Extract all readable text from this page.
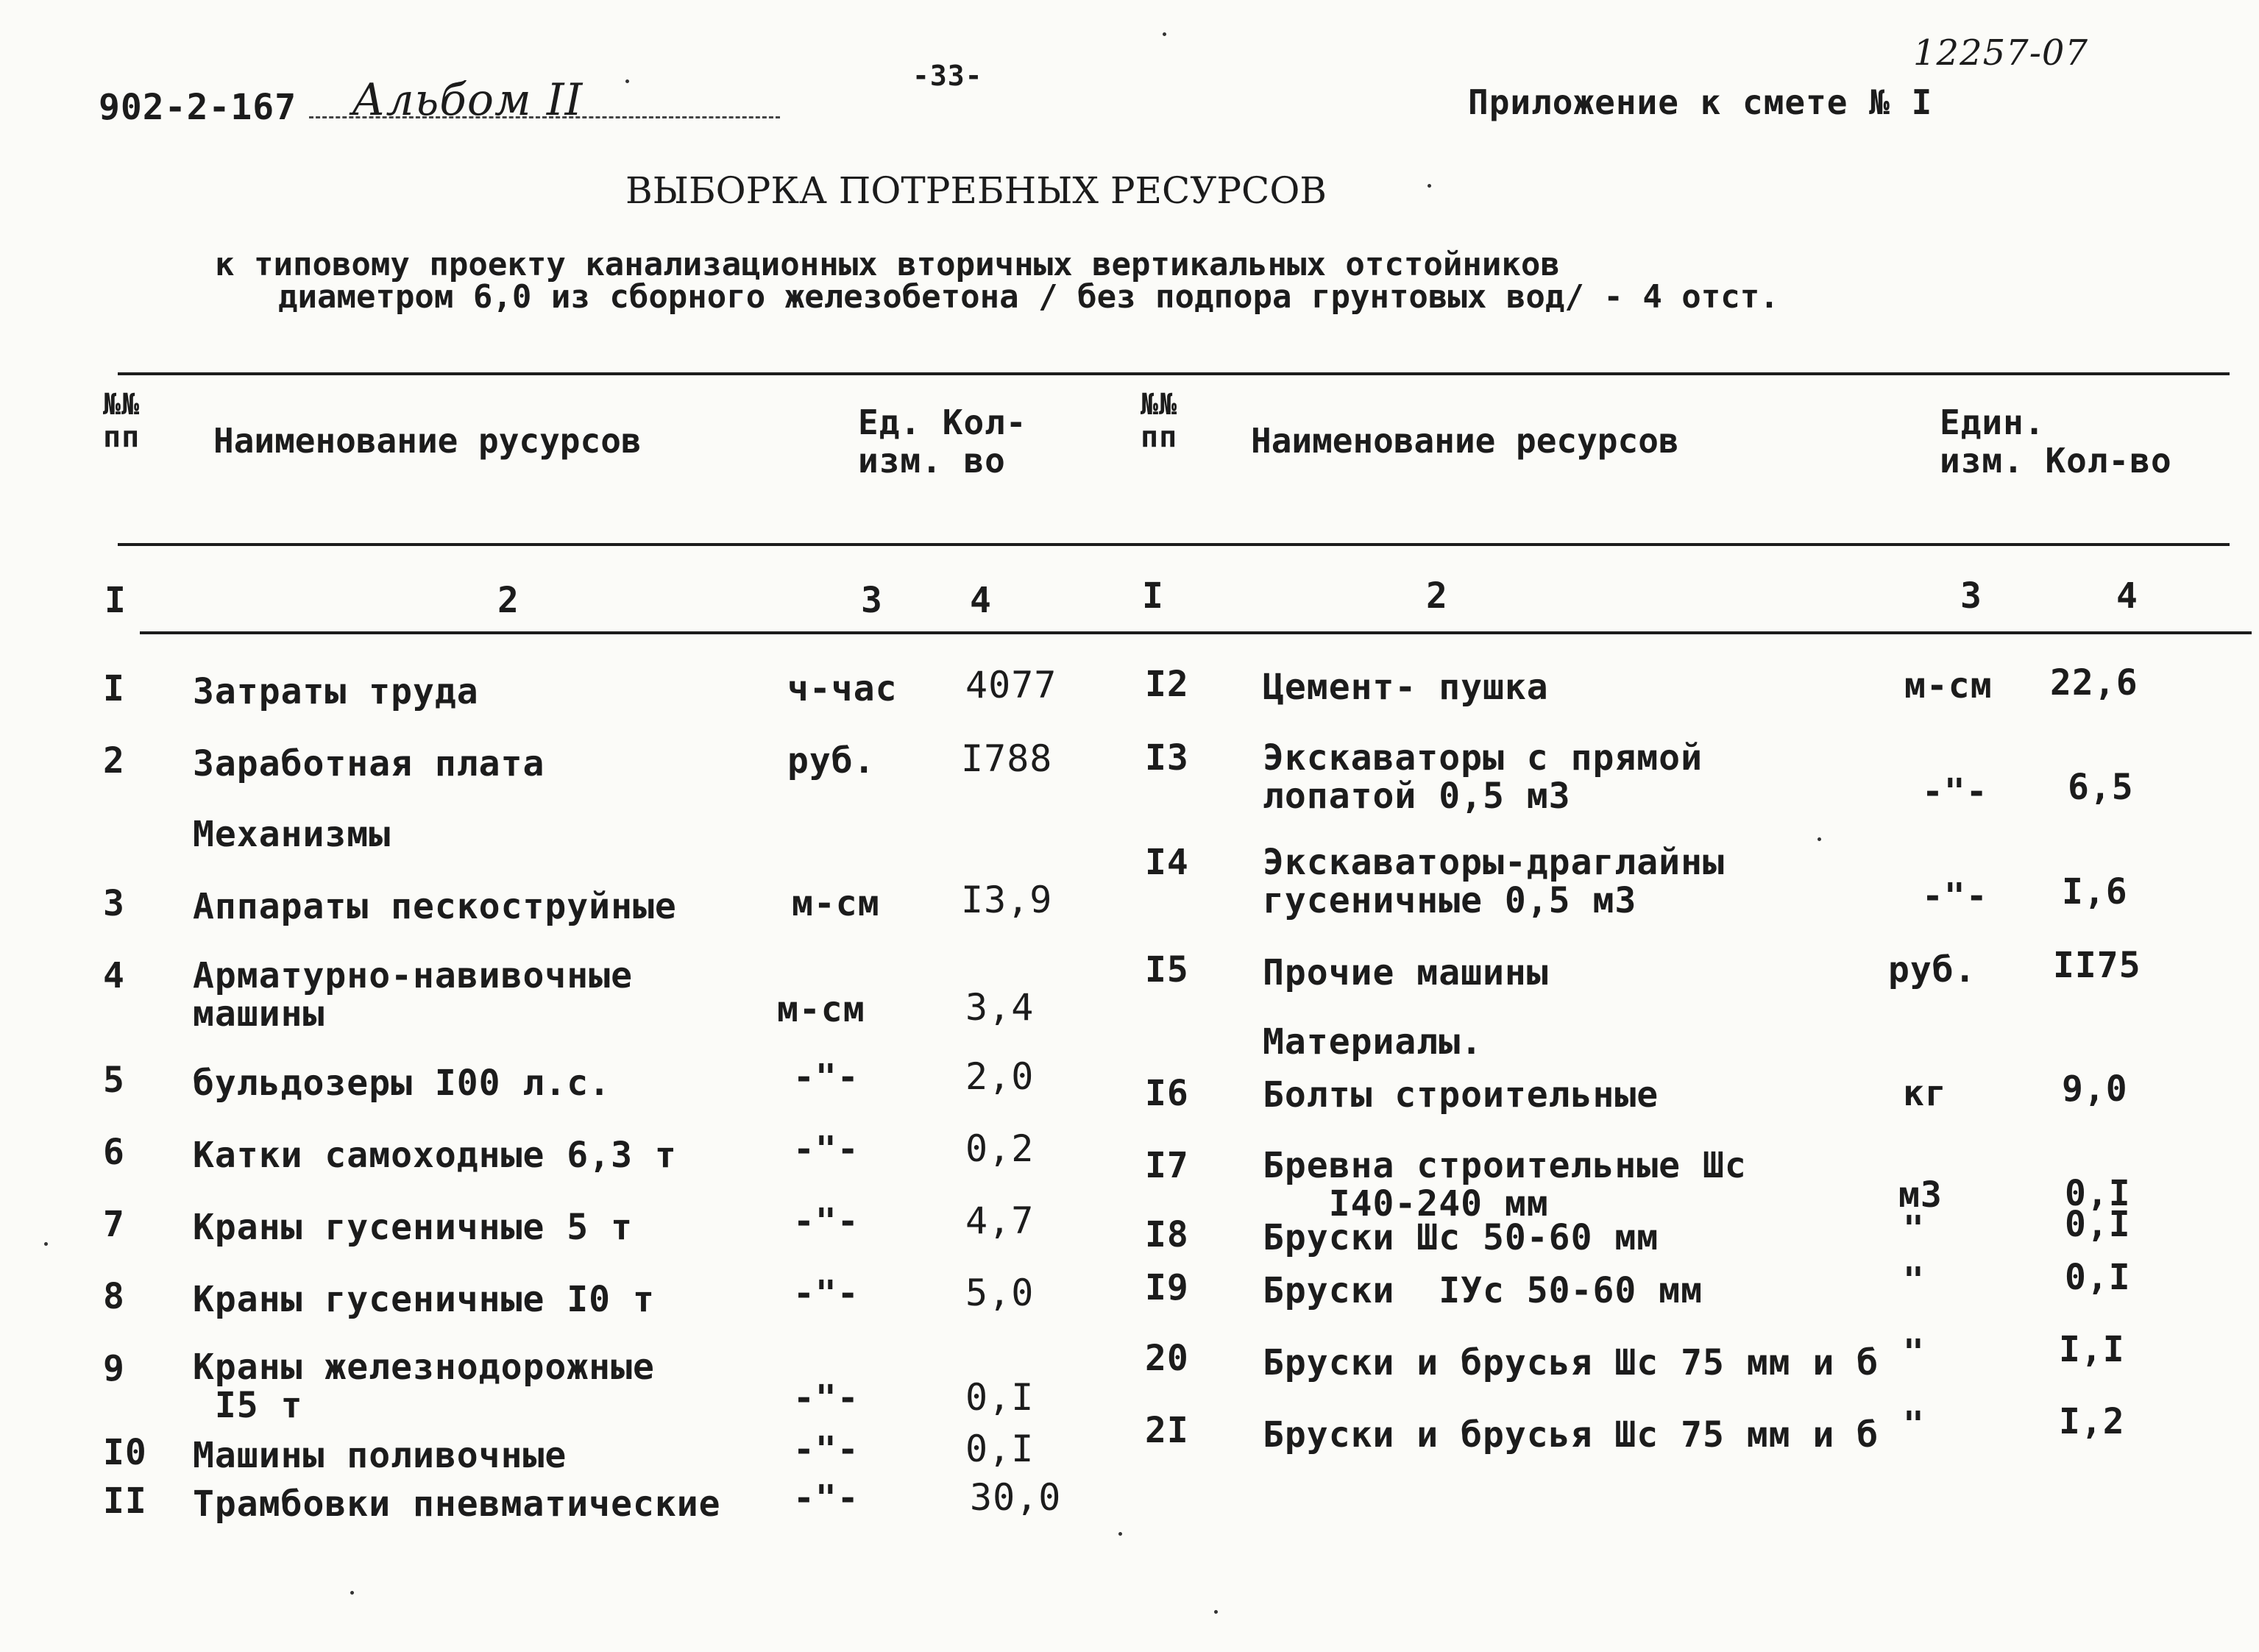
902-2-167 Альбом II	-33-
12257-07
Приложение к смете № I
ВЫБОРКА ПОТРЕБНЫХ РЕСУРСОВ
к типовому проекту канализационных вторичных вертикальных отстойников
диаметром 6,0 из сборного железобетона / без подпора грунтовых вод/ - 4 отст.
№№
пп Наименование русурсов	Ед. Кол-
изм. во
№№
пп Наименование ресурсов	Един.
изм. Кол-во
I	2	3 4	I	2	3	4
I Затраты труда	ч-час 4077
2 Заработная плата	руб. I788
Механизмы
3 Аппараты пескоструйные	м-см I3,9
4 Арматурно-навивочные
машины	м-см	3,4
5 бульдозеры I00 л.с.	-"-	2,0
6 Катки самоходные 6,3 т	-"-	0,2
7 Краны гусеничные 5 т	-"-	4,7
8 Краны гусеничные I0 т	-"-	5,0
9 Краны железнодорожные
I5 т	-"-	0,I
I0 Машины поливочные	-"-	0,I
II Трамбовки пневматические -"-	30,0
I2 Цемент- пушка	м-см 22,6
I3 Экскаваторы с прямой
лопатой 0,5 м3	-"- 6,5
I4 Экскаваторы-драглайны
гусеничные 0,5 м3	-"- I,6
I5 Прочие машины	руб. II75
Материалы.
I6 Болты строительные	кг	9,0
I7 Бревна строительные Шс
I40-240 мм	м3	0,I
I8 Бруски Шс 50-60 мм	"	0,I
I9 Бруски  IУс 50-60 мм	"	0,I
20 Бруски и брусья Шс 75 мм и б "	I,I
2I Бруски и брусья Шс 75 мм и б "	I,2
